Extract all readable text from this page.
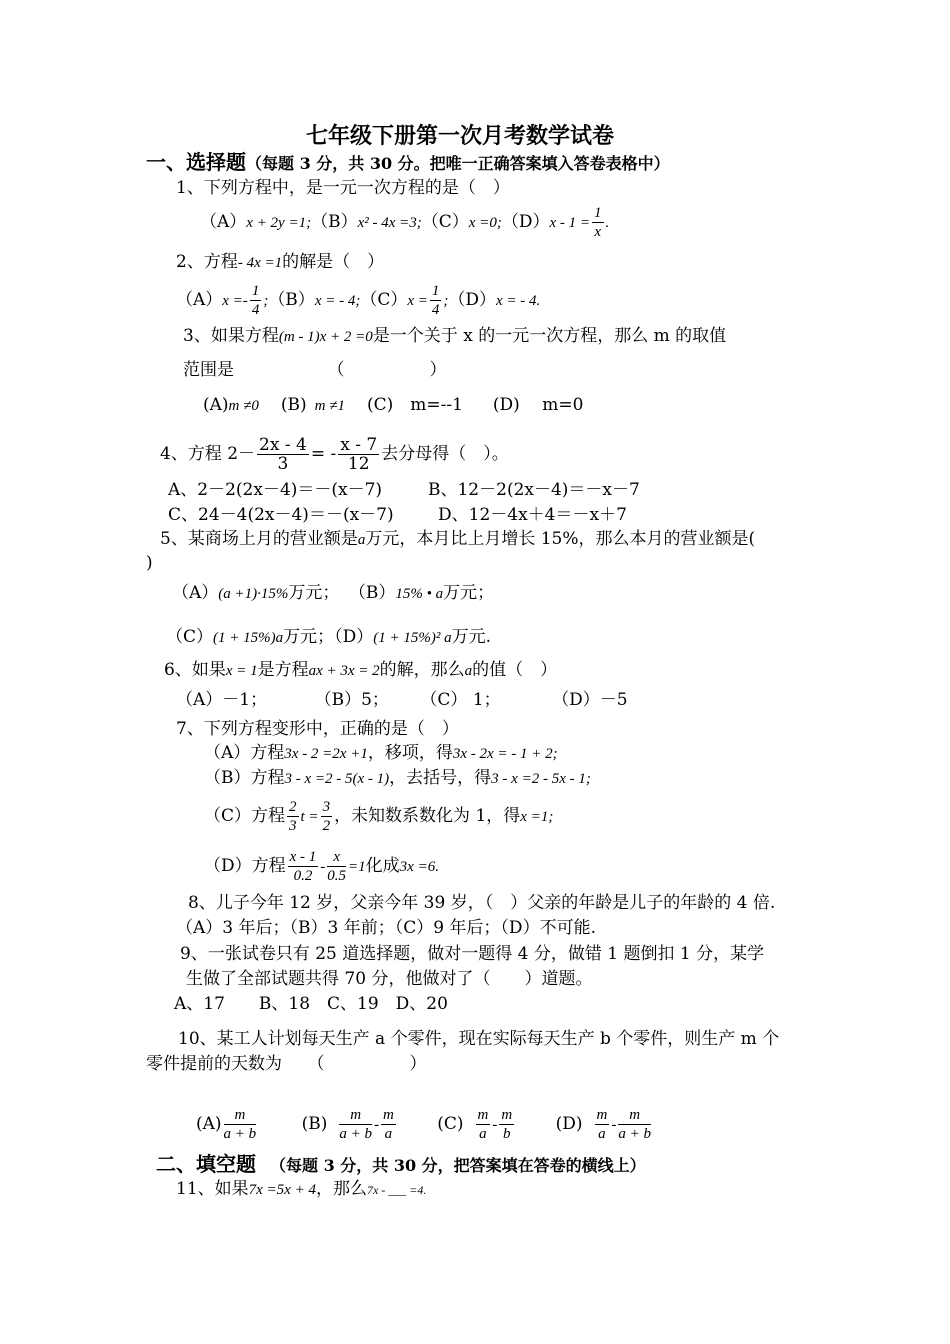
七年级下册第一次月考数学试卷
一、选择题（每题 3 分，共 30 分。把唯一正确答案填入答卷表格中）
1、下列方程中，是一元一次方程的是（　）
（A）x + 2y =1;（B）x² - 4x =3;（C）x =0;（D）x - $1 = \frac{1}{x}$ .
2、方程- 4x =1的解是（　）
$(A)x =- \frac{1}{4}$ ;（B）x = - 4;（C）x = $\frac{1}{4}$ ;（D）x = - 4.
3、如果方程(m - 1)x + 2 =0是一个关于 x 的一元一次方程，那么 m 的取值
范围是　　　　　　（　　　　　）
(A)m ≠0 (B) m ≠1 (C)　m=--1 (D)　 m=0
4、方程 $2- \frac{2x - 4}{3}$ = - $\frac{x - 7}{12}$ 去分母得（　）。
A、2－2(2x－4)＝－(x－7)	B、12－2(2x－4)＝－x－7
C、24－4(2x－4)＝－(x－7)	D、12－4x＋4＝－x＋7
5、某商场上月的营业额是a万元，本月比上月增长 15%，那么本月的营业额是(
)
（A）(a +1)·15%万元； （B）15% • a万元；
（C）(1 + 15%)a万元；（D）(1 + 15%)² a万元.
6、如果x = 1是方程ax + 3x = 2的解，那么a的值（　）
（A）－1；	（B）5； （C） 1；	（D）－5
7、下列方程变形中，正确的是（　）
（A）方程3x - 2 =2x +1，移项，得3x - 2x = - 1 + 2;
（B）方程3 - x =2 - 5(x - 1)，去括号，得3 - x =2 - 5x - 1;
（C）方程 $\frac{2}{3}$ $t = \frac{3}{2}$ ，未知数系数化为 1，得x =1;
（D）方程 $\frac{x - 1}{0.2} - \frac{x}{0.5} =1$化成3x =6.
8、儿子今年 12 岁，父亲今年 39 岁，（　）父亲的年龄是儿子的年龄的 4 倍.
（A）3 年后；（B）3 年前；（C）9 年后；（D）不可能.
9、一张试卷只有 25 道选择题，做对一题得 4 分，做错 1 题倒扣 1 分，某学
生做了全部试题共得 70 分，他做对了（　　）道题。
A、17　　B、18　C、19　D、20
10、某工人计划每天生产 a 个零件，现在实际每天生产 b 个零件，则生产 m 个
零件提前的天数为　　（　　　　　）
$(A) \frac{m}{a + b}$	$(B) \frac{m}{a + b} - \frac{m}{a} (C) \frac{m}{a} - \frac{m}{b} (D) \frac{m}{a} - \frac{m}{a + b}$
二、填空题 （每题 3 分，共 30 分，把答案填在答卷的横线上）
11、如果7x =5x + 4，那么7x - ___ =4.
